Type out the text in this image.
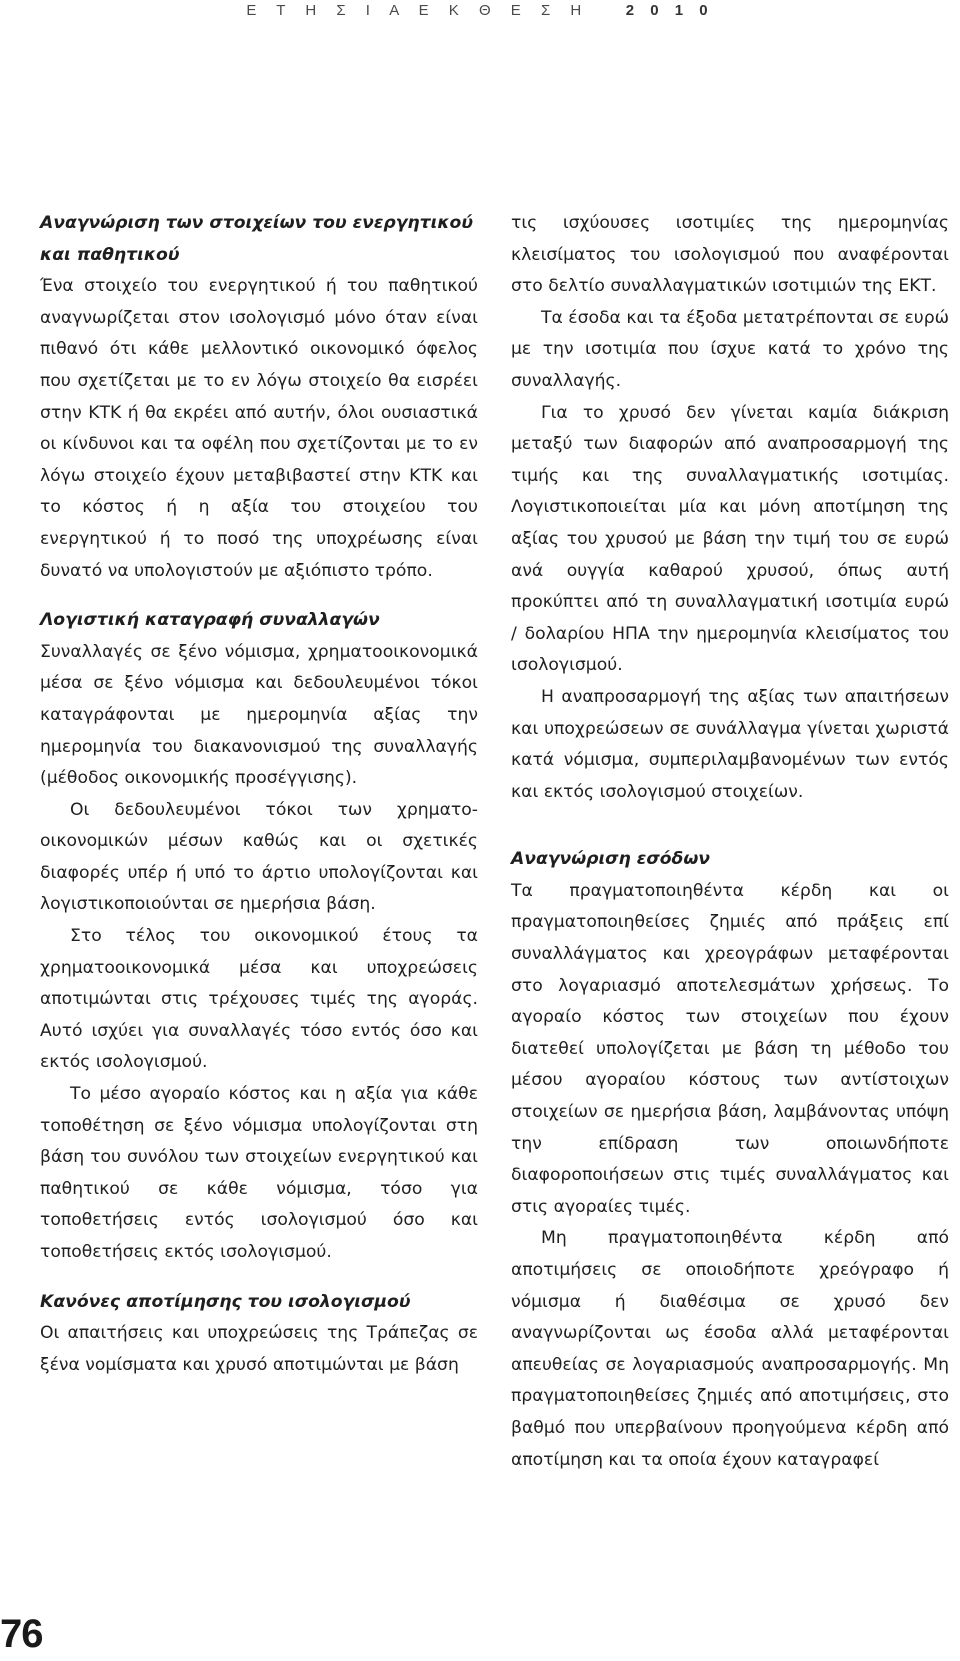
Ε Τ Η Σ Ι Α Ε Κ Θ Ε Σ Η 2 0 1 0
Αναγνώριση των στοιχείων του ενεργητικού και παθητικού

Ένα στοιχείο του ενεργητικού ή του παθητικού αναγνωρίζεται στον ισολογισμό μόνο όταν είναι πιθανό ότι κάθε μελλοντικό οικονομικό όφελος που σχετίζεται με το εν λόγω στοιχείο θα εισρέει στην ΚΤΚ ή θα εκρέει από αυτήν, όλοι ουσιαστικά οι κίνδυνοι και τα οφέλη που σχετίζονται με το εν λόγω στοιχείο έχουν μεταβιβαστεί στην ΚΤΚ και το κόστος ή η αξία του στοιχείου του ενεργητικού ή το ποσό της υποχρέωσης είναι δυνατό να υπολογιστούν με αξιόπιστο τρόπο.

Λογιστική καταγραφή συναλλαγών

Συναλλαγές σε ξένο νόμισμα, χρηματοοικονομικά μέσα σε ξένο νόμισμα και δεδουλευμένοι τόκοι καταγράφονται με ημερομηνία αξίας την ημερομηνία του διακανονισμού της συναλλαγής (μέθοδος οικονομικής προσέγγισης).

Οι δεδουλευμένοι τόκοι των χρηματοοικονομικών μέσων καθώς και οι σχετικές διαφορές υπέρ ή υπό το άρτιο υπολογίζονται και λογιστικοποιούνται σε ημερήσια βάση.

Στο τέλος του οικονομικού έτους τα χρηματοοικονομικά μέσα και υποχρεώσεις αποτιμώνται στις τρέχουσες τιμές της αγοράς. Αυτό ισχύει για συναλλαγές τόσο εντός όσο και εκτός ισολογισμού.

Το μέσο αγοραίο κόστος και η αξία για κάθε τοποθέτηση σε ξένο νόμισμα υπολογίζονται στη βάση του συνόλου των στοιχείων ενεργητικού και παθητικού σε κάθε νόμισμα, τόσο για τοποθετήσεις εντός ισολογισμού όσο και τοποθετήσεις εκτός ισολογισμού.

Κανόνες αποτίμησης του ισολογισμού

Οι απαιτήσεις και υποχρεώσεις της Τράπεζας σε ξένα νομίσματα και χρυσό αποτιμώνται με βάση

τις ισχύουσες ισοτιμίες της ημερομηνίας κλεισίματος του ισολογισμού που αναφέρονται στο δελτίο συναλλαγματικών ισοτιμιών της ΕΚΤ.

Τα έσοδα και τα έξοδα μετατρέπονται σε ευρώ με την ισοτιμία που ίσχυε κατά το χρόνο της συναλλαγής.

Για το χρυσό δεν γίνεται καμία διάκριση μεταξύ των διαφορών από αναπροσαρμογή της τιμής και της συναλλαγματικής ισοτιμίας. Λογιστικοποιείται μία και μόνη αποτίμηση της αξίας του χρυσού με βάση την τιμή του σε ευρώ ανά ουγγία καθαρού χρυσού, όπως αυτή προκύπτει από τη συναλλαγματική ισοτιμία ευρώ / δολαρίου ΗΠΑ την ημερομηνία κλεισίματος του ισολογισμού.

Η αναπροσαρμογή της αξίας των απαιτήσεων και υποχρεώσεων σε συνάλλαγμα γίνεται χωριστά κατά νόμισμα, συμπεριλαμβανομένων των εντός και εκτός ισολογισμού στοιχείων.

Αναγνώριση εσόδων

Τα πραγματοποιηθέντα κέρδη και οι πραγματοποιηθείσες ζημιές από πράξεις επί συναλλάγματος και χρεογράφων μεταφέρονται στο λογαριασμό αποτελεσμάτων χρήσεως. Το αγοραίο κόστος των στοιχείων που έχουν διατεθεί υπολογίζεται με βάση τη μέθοδο του μέσου αγοραίου κόστους των αντίστοιχων στοιχείων σε ημερήσια βάση, λαμβάνοντας υπόψη την επίδραση των οποιωνδήποτε διαφοροποιήσεων στις τιμές συναλλάγματος και στις αγοραίες τιμές.

Μη πραγματοποιηθέντα κέρδη από αποτιμήσεις σε οποιοδήποτε χρεόγραφο ή νόμισμα ή διαθέσιμα σε χρυσό δεν αναγνωρίζονται ως έσοδα αλλά μεταφέρονται απευθείας σε λογαριασμούς αναπροσαρμογής. Μη πραγματοποιηθείσες ζημιές από αποτιμήσεις, στο βαθμό που υπερβαίνουν προηγούμενα κέρδη από αποτίμηση και τα οποία έχουν καταγραφεί

76
